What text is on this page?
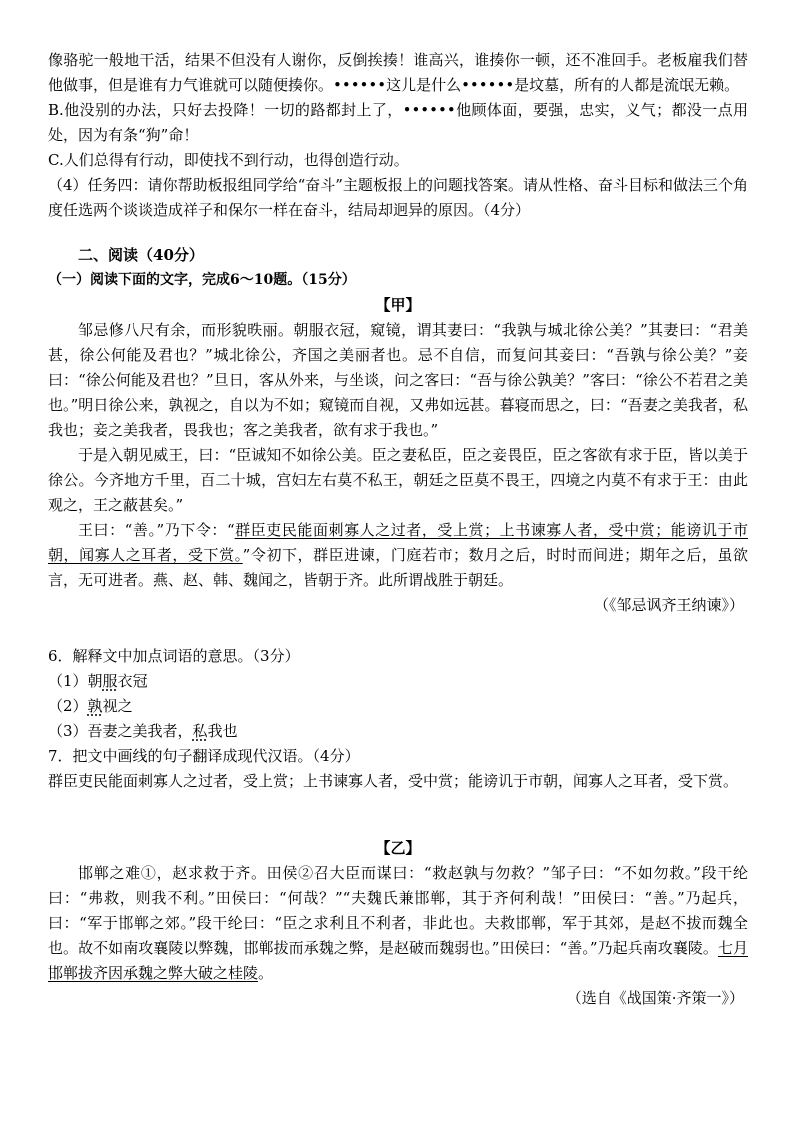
像骆驼一般地干活，结果不但没有人谢你，反倒挨揍！谁高兴，谁揍你一顿，还不准回手。老板雇我们替他做事，但是谁有力气谁就可以随便揍你。••••••这儿是什么••••••是坟墓，所有的人都是流氓无赖。

B.他没别的办法，只好去投降！一切的路都封上了，••••••他顾体面，要强，忠实，义气；都没一点用处，因为有条“狗”命！

C.人们总得有行动，即使找不到行动，也得创造行动。

（4）任务四：请你帮助板报组同学给“奋斗”主题板报上的问题找答案。请从性格、奋斗目标和做法三个角度任选两个谈谈造成祥子和保尔一样在奋斗，结局却迥异的原因。（4分）

二、阅读（40分）

（一）阅读下面的文字，完成6～10题。（15分）

【甲】

邹忌修八尺有余，而形貌昳丽。朝服衣冠，窥镜，谓其妻曰：“我孰与城北徐公美？”其妻曰：“君美甚，徐公何能及君也？”城北徐公，齐国之美丽者也。忌不自信，而复问其妾曰：“吾孰与徐公美？”妾曰：“徐公何能及君也？”旦日，客从外来，与坐谈，问之客曰：“吾与徐公孰美？”客曰：“徐公不若君之美也。”明日徐公来，孰视之，自以为不如；窥镜而自视，又弗如远甚。暮寝而思之，曰：“吾妻之美我者，私我也；妾之美我者，畏我也；客之美我者，欲有求于我也。”

于是入朝见威王，曰：“臣诚知不如徐公美。臣之妻私臣，臣之妾畏臣，臣之客欲有求于臣，皆以美于徐公。今齐地方千里，百二十城，宫妇左右莫不私王，朝廷之臣莫不畏王，四境之内莫不有求于王：由此观之，王之蔽甚矣。”

王曰：“善。”乃下令：“群臣吏民能面刺寡人之过者，受上赏；上书谏寡人者，受中赏；能谤讥于市朝，闻寡人之耳者，受下赏。”令初下，群臣进谏，门庭若市；数月之后，时时而间进；期年之后，虽欲言，无可进者。燕、赵、韩、魏闻之，皆朝于齐。此所谓战胜于朝廷。

（《邹忌讽齐王纳谏》）

6．解释文中加点词语的意思。（3分）

（1）朝服衣冠

（2）孰视之

（3）吾妻之美我者，私我也

7．把文中画线的句子翻译成现代汉语。（4分）

群臣吏民能面刺寡人之过者，受上赏；上书谏寡人者，受中赏；能谤讥于市朝，闻寡人之耳者，受下赏。

【乙】

邯郸之难①，赵求救于齐。田侯②召大臣而谋曰：“救赵孰与勿救？”邹子曰：“不如勿救。”段干纶曰：“弗救，则我不利。”田侯曰：“何哉？”“夫魏氏兼邯郸，其于齐何利哉！”田侯曰：“善。”乃起兵，曰：“军于邯郸之郊。”段干纶曰：“臣之求利且不利者，非此也。夫救邯郸，军于其郊，是赵不拔而魏全也。故不如南攻襄陵以弊魏，邯郸拔而承魏之弊，是赵破而魏弱也。”田侯曰：“善。”乃起兵南攻襄陵。七月邯郸拔齐因承魏之弊大破之桂陵。

（选自《战国策·齐策一》）
